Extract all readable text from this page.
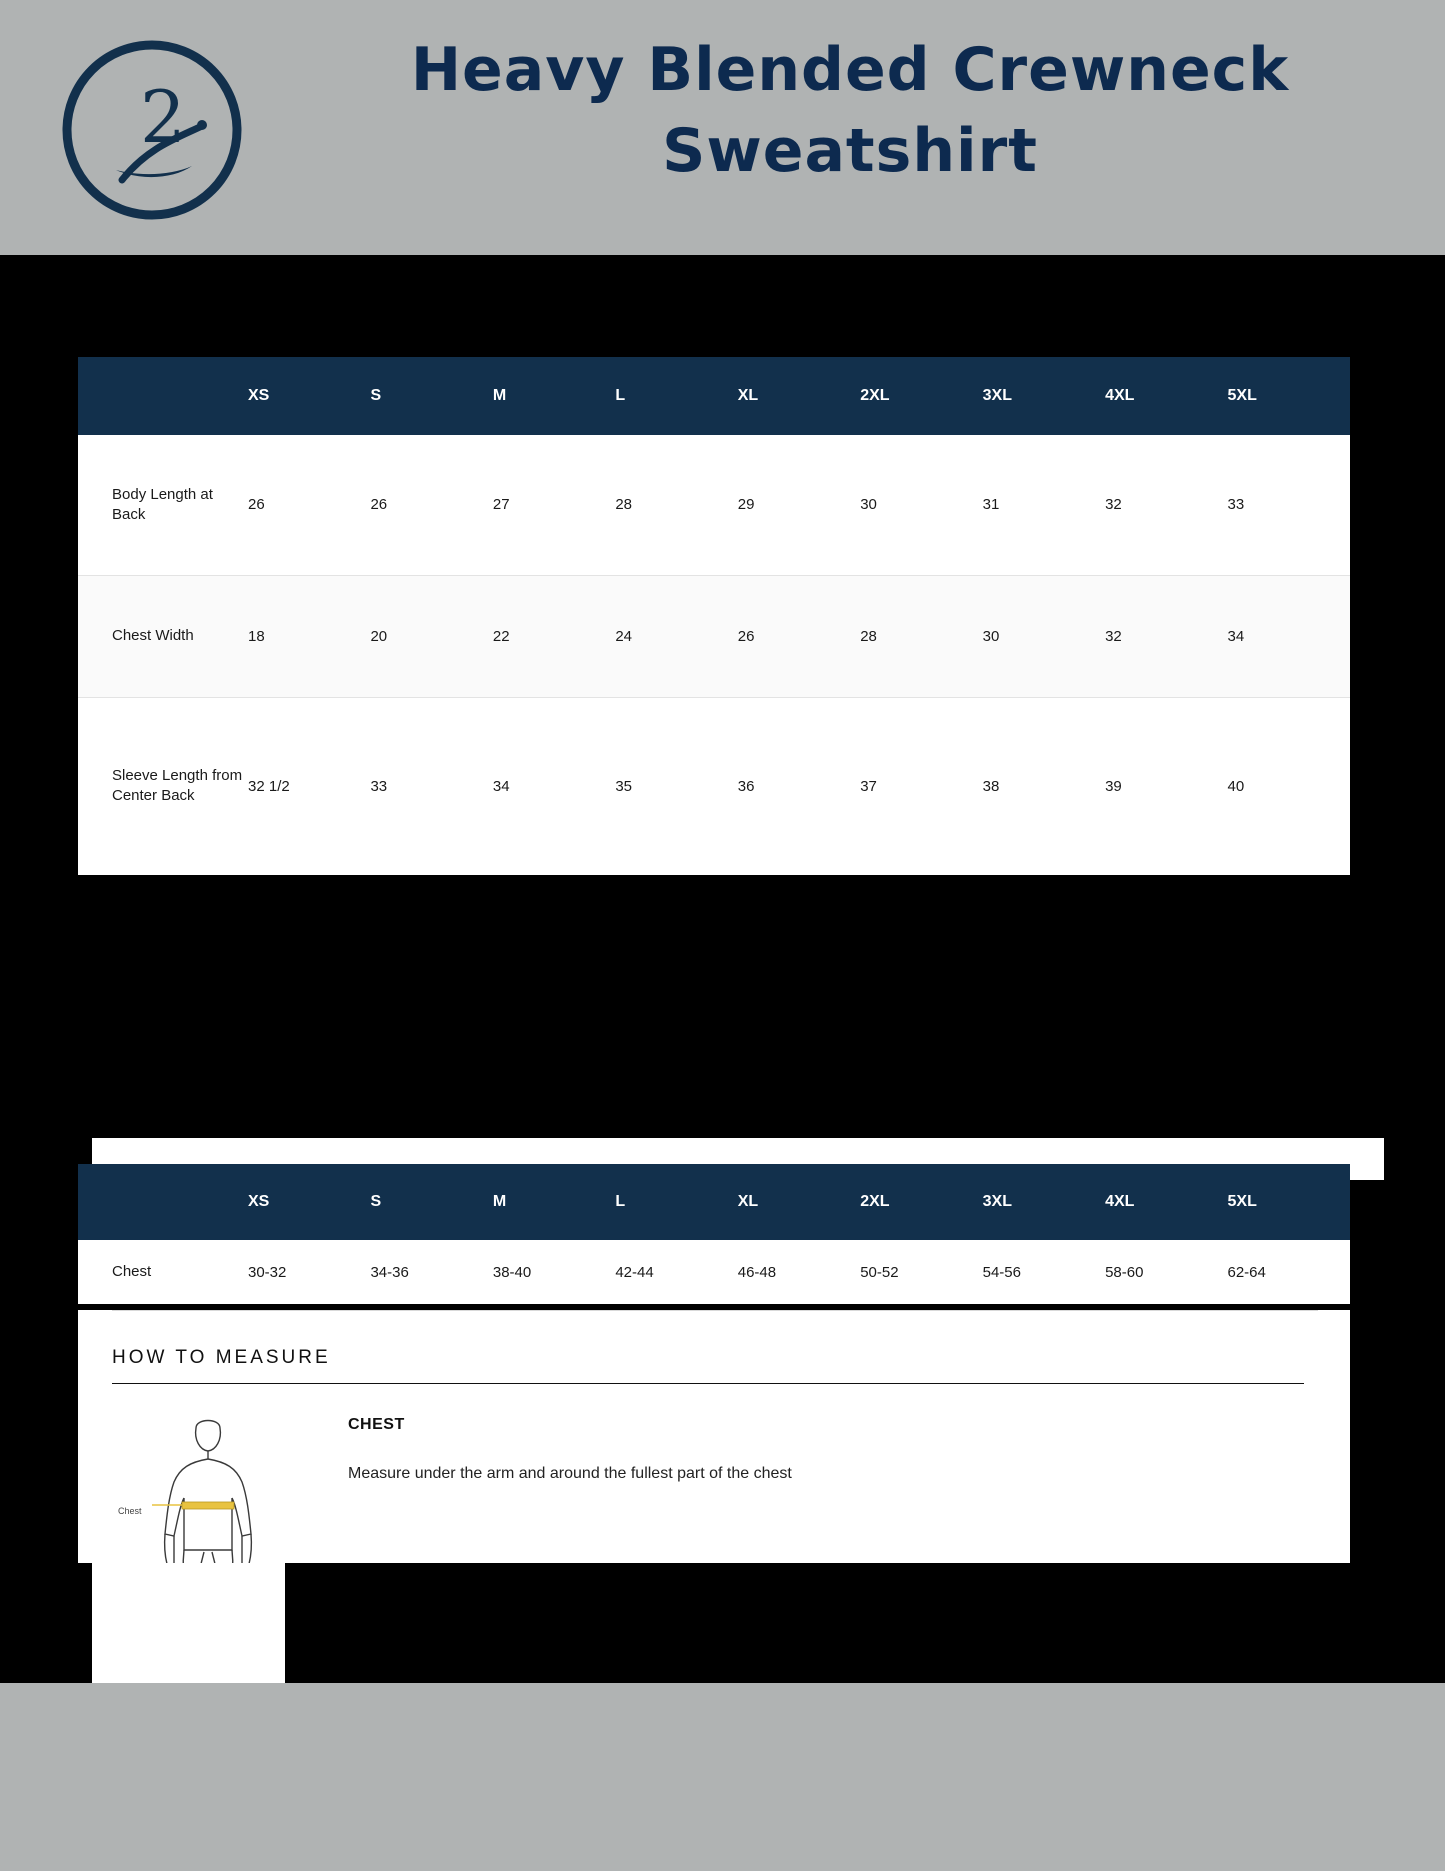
2
Heavy Blended Crewneck Sweatshirt
	XS	S	M	L	XL	2XL	3XL	4XL	5XL
Body Length at Back	26	26	27	28	29	30	31	32	33
Chest Width	18	20	22	24	26	28	30	32	34
Sleeve Length from Center Back	32 1/2	33	34	35	36	37	38	39	40
	XS	S	M	L	XL	2XL	3XL	4XL	5XL
Chest	30-32	34-36	38-40	42-44	46-48	50-52	54-56	58-60	62-64
HOW TO MEASURE
Chest
CHEST
Measure under the arm and around the fullest part of the chest
